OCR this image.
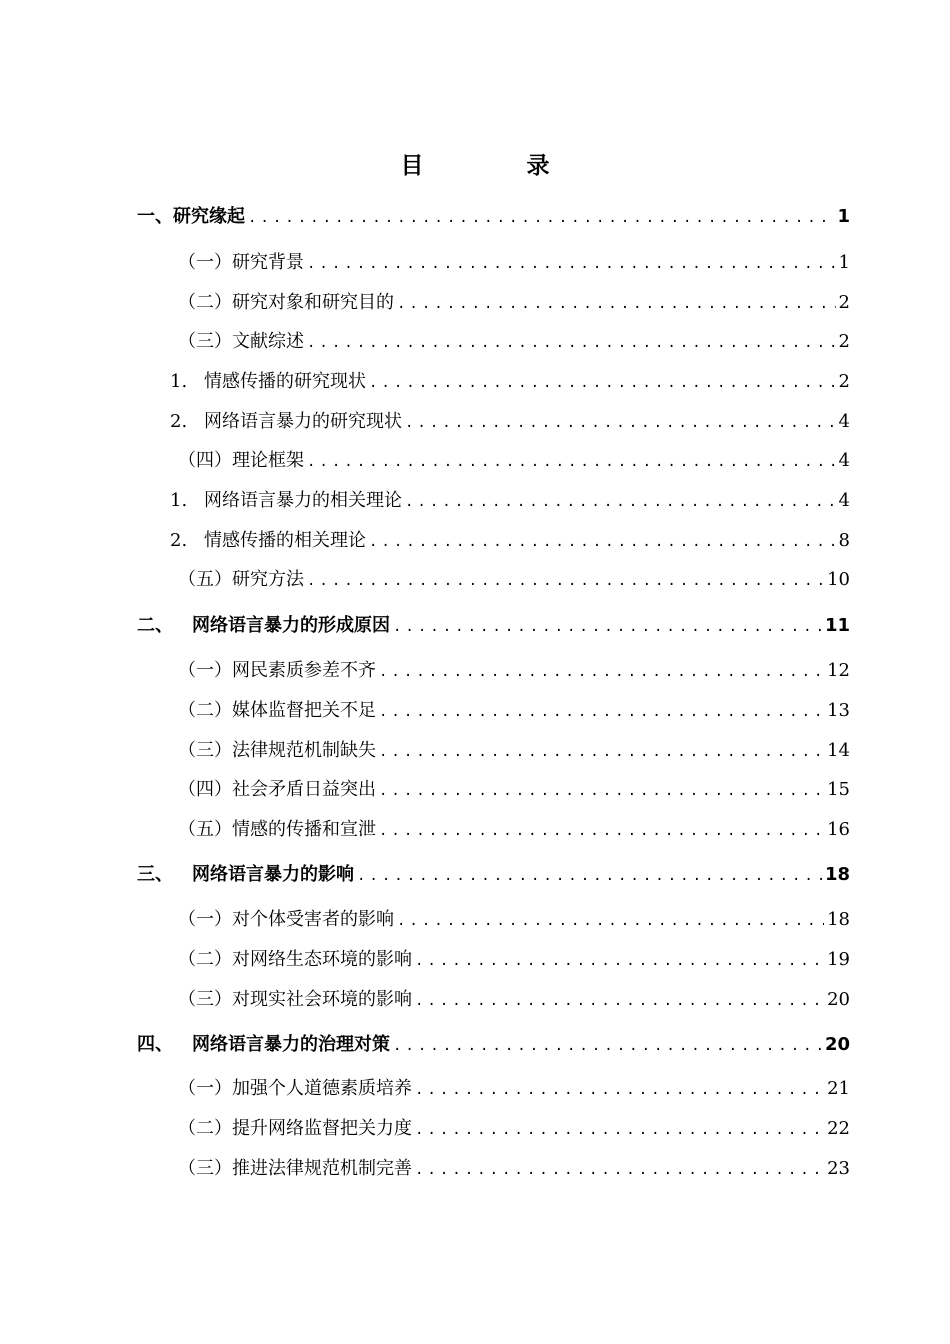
目　录
一、 研究缘起 .....	1
（一）研究背景 .....	1
（二）研究对象和研究目的 .....	2
（三）文献综述 .....	2
1. 情感传播的研究现状 .....	2
2. 网络语言暴力的研究现状 .....	4
（四）理论框架 .....	4
1. 网络语言暴力的相关理论 .....	4
2. 情感传播的相关理论 .....	8
（五）研究方法 .....	10
二、	网络语言暴力的形成原因 .....	11
（一）网民素质参差不齐 .....	12
（二）媒体监督把关不足 .....	13
（三）法律规范机制缺失 .....	14
（四）社会矛盾日益突出 .....	15
（五）情感的传播和宣泄 .....	16
三、	网络语言暴力的影响 .....	18
（一）对个体受害者的影响 .....	18
（二）对网络生态环境的影响 .....	19
（三）对现实社会环境的影响 .....	20
四、	网络语言暴力的治理对策 .....	20
（一）加强个人道德素质培养 .....	21
（二）提升网络监督把关力度 .....	22
（三）推进法律规范机制完善 .....	23
